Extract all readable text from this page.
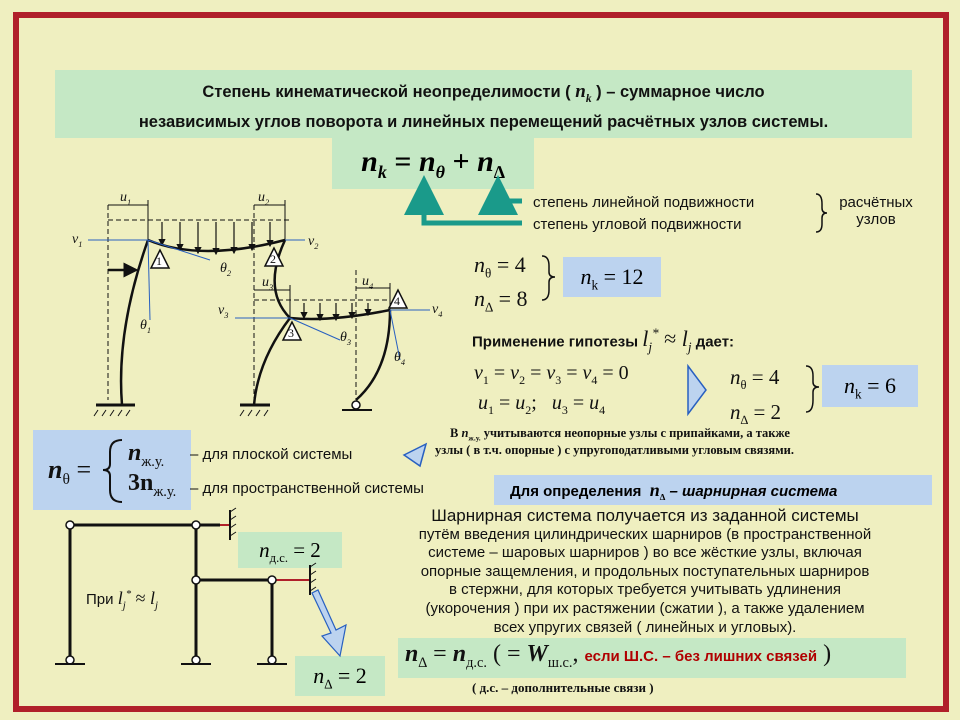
Степень кинематической неопределимости ( $n_k$ ) – суммарное число
независимых углов поворота и линейных перемещений расчётных узлов системы.
$n_k = n_\theta + n_\Delta$
степень линейной подвижности
степень угловой подвижности
расчётных узлов
$n_\theta = 4$
$n_\Delta = 8$
$n_k = 12$
Применение гипотезы $l_j^* \approx l_j$ дает:
$v_1 = v_2 = v_3 = v_4 = 0$
$u_1 = u_2$; $u_3 = u_4$
$n_\theta = 4$
$n_\Delta = 2$
$n_k = 6$
$n_\theta$ =
$n_{ж.у.}$ – для плоской системы
$3n_{ж.у.}$ – для пространственной системы
В $n_{ж.у.}$ учитываются неопорные узлы с припайками, а также
узлы ( в т.ч. опорные ) с упругоподатливыми угловым связями.
Для определения $n_\Delta$ – шарнирная система
Шарнирная система получается из заданной системы
путём введения цилиндрических шарниров (в пространственной
системе – шаровых шарниров ) во все жёсткие узлы, включая
опорные защемления, и продольных поступательных шарниров
в стержни, для которых требуется учитывать удлинения
(укорочения ) при их растяжении (сжатии ), а также удалением
всех упругих связей ( линейных и угловых).
$n_{д.с.} = 2$
$n_\Delta = 2$
При $l_j^* \approx l_j$
$n_\Delta = n_{д.с.}$ ( = $W_{ш.с.}$, если Ш.С. – без лишних связей )
( д.с. – дополнительные связи )
$u_1$	$u_2$
$u_3$	$u_4$
$v_1$	$v_2$
$v_3$	$v_4$
$\theta_1$
$\theta_2$
$\theta_3$
$\theta_4$
1	2
3
4
